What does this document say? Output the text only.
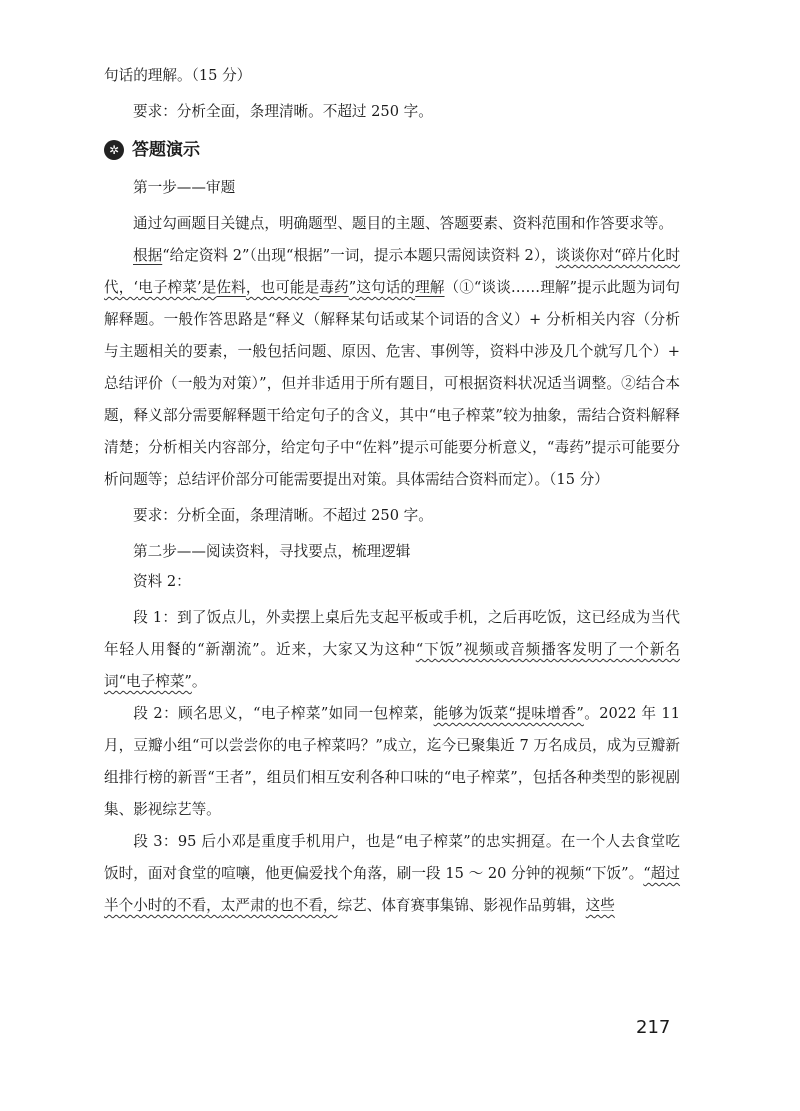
句话的理解。（15 分）

要求：分析全面，条理清晰。不超过 250 字。

✲ 答题演示

第一步——审题

通过勾画题目关键点，明确题型、题目的主题、答题要素、资料范围和作答要求等。

根据“给定资料 2”（出现“根据”一词，提示本题只需阅读资料 2），谈谈你对“碎片化时代，‘电子榨菜’是佐料，也可能是毒药”这句话的理解（①“谈谈……理解”提示此题为词句解释题。一般作答思路是“释义（解释某句话或某个词语的含义）+ 分析相关内容（分析与主题相关的要素，一般包括问题、原因、危害、事例等，资料中涉及几个就写几个）+ 总结评价（一般为对策）”，但并非适用于所有题目，可根据资料状况适当调整。②结合本题，释义部分需要解释题干给定句子的含义，其中“电子榨菜”较为抽象，需结合资料解释清楚；分析相关内容部分，给定句子中“佐料”提示可能要分析意义，“毒药”提示可能要分析问题等；总结评价部分可能需要提出对策。具体需结合资料而定）。（15 分）

要求：分析全面，条理清晰。不超过 250 字。

第二步——阅读资料，寻找要点，梳理逻辑

资料 2：

段 1：到了饭点儿，外卖摆上桌后先支起平板或手机，之后再吃饭，这已经成为当代年轻人用餐的“新潮流”。近来，大家又为这种“下饭”视频或音频播客发明了一个新名词“电子榨菜”。

段 2：顾名思义，“电子榨菜”如同一包榨菜，能够为饭菜“提味增香”。2022 年 11 月，豆瓣小组“可以尝尝你的电子榨菜吗？”成立，迄今已聚集近 7 万名成员，成为豆瓣新组排行榜的新晋“王者”，组员们相互安利各种口味的“电子榨菜”，包括各种类型的影视剧集、影视综艺等。

段 3：95 后小邓是重度手机用户，也是“电子榨菜”的忠实拥趸。在一个人去食堂吃饭时，面对食堂的喧嚷，他更偏爱找个角落，刷一段 15 ～ 20 分钟的视频“下饭”。“超过半个小时的不看，太严肃的也不看，综艺、体育赛事集锦、影视作品剪辑，这些

217
